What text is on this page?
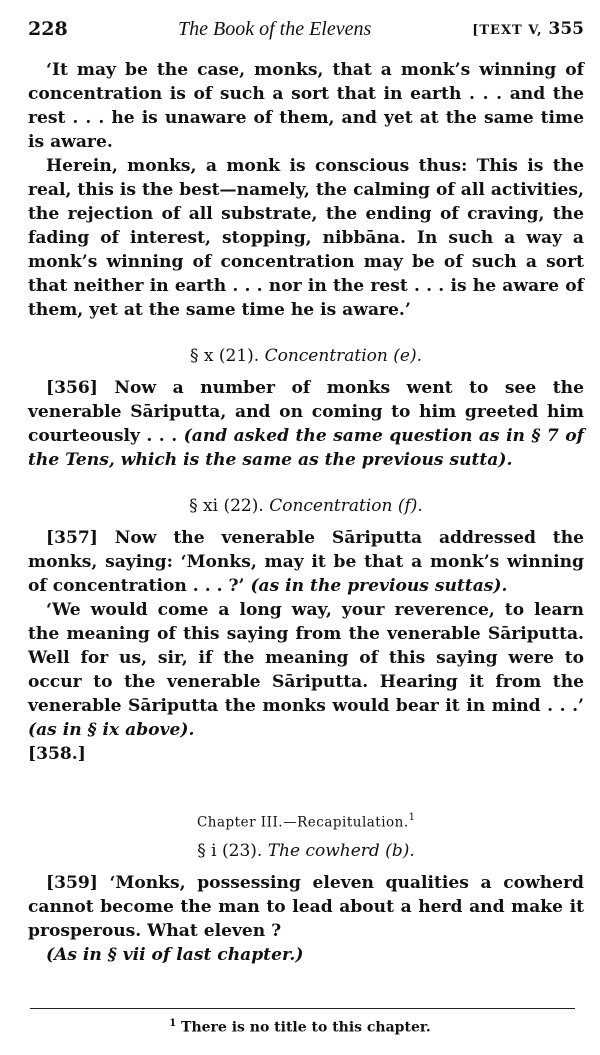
228	The Book of the Elevens	[TEXT V, 355

‘It may be the case, monks, that a monk’s winning of concentration is of such a sort that in earth . . . and the rest . . . he is unaware of them, and yet at the same time is aware.

Herein, monks, a monk is conscious thus: This is the real, this is the best—namely, the calming of all activities, the rejection of all substrate, the ending of craving, the fading of interest, stopping, nibbāna. In such a way a monk’s winning of concentration may be of such a sort that neither in earth . . . nor in the rest . . . is he aware of them, yet at the same time he is aware.’

§ x (21). Concentration (e).

[356] Now a number of monks went to see the venerable Sāriputta, and on coming to him greeted him courteously . . . (and asked the same question as in § 7 of the Tens, which is the same as the previous sutta).

§ xi (22). Concentration (f).

[357] Now the venerable Sāriputta addressed the monks, saying: ‘Monks, may it be that a monk’s winning of concentration . . . ?’ (as in the previous suttas).

‘We would come a long way, your reverence, to learn the meaning of this saying from the venerable Sāriputta. Well for us, sir, if the meaning of this saying were to occur to the venerable Sāriputta. Hearing it from the venerable Sāriputta the monks would bear it in mind . . .’ (as in § ix above).

[358.]

Chapter III.—Recapitulation.$^1$
§ i (23). The cowherd (b).

[359] ‘Monks, possessing eleven qualities a cowherd cannot become the man to lead about a herd and make it prosperous. What eleven ?

(As in § vii of last chapter.)

$^1$ There is no title to this chapter.
